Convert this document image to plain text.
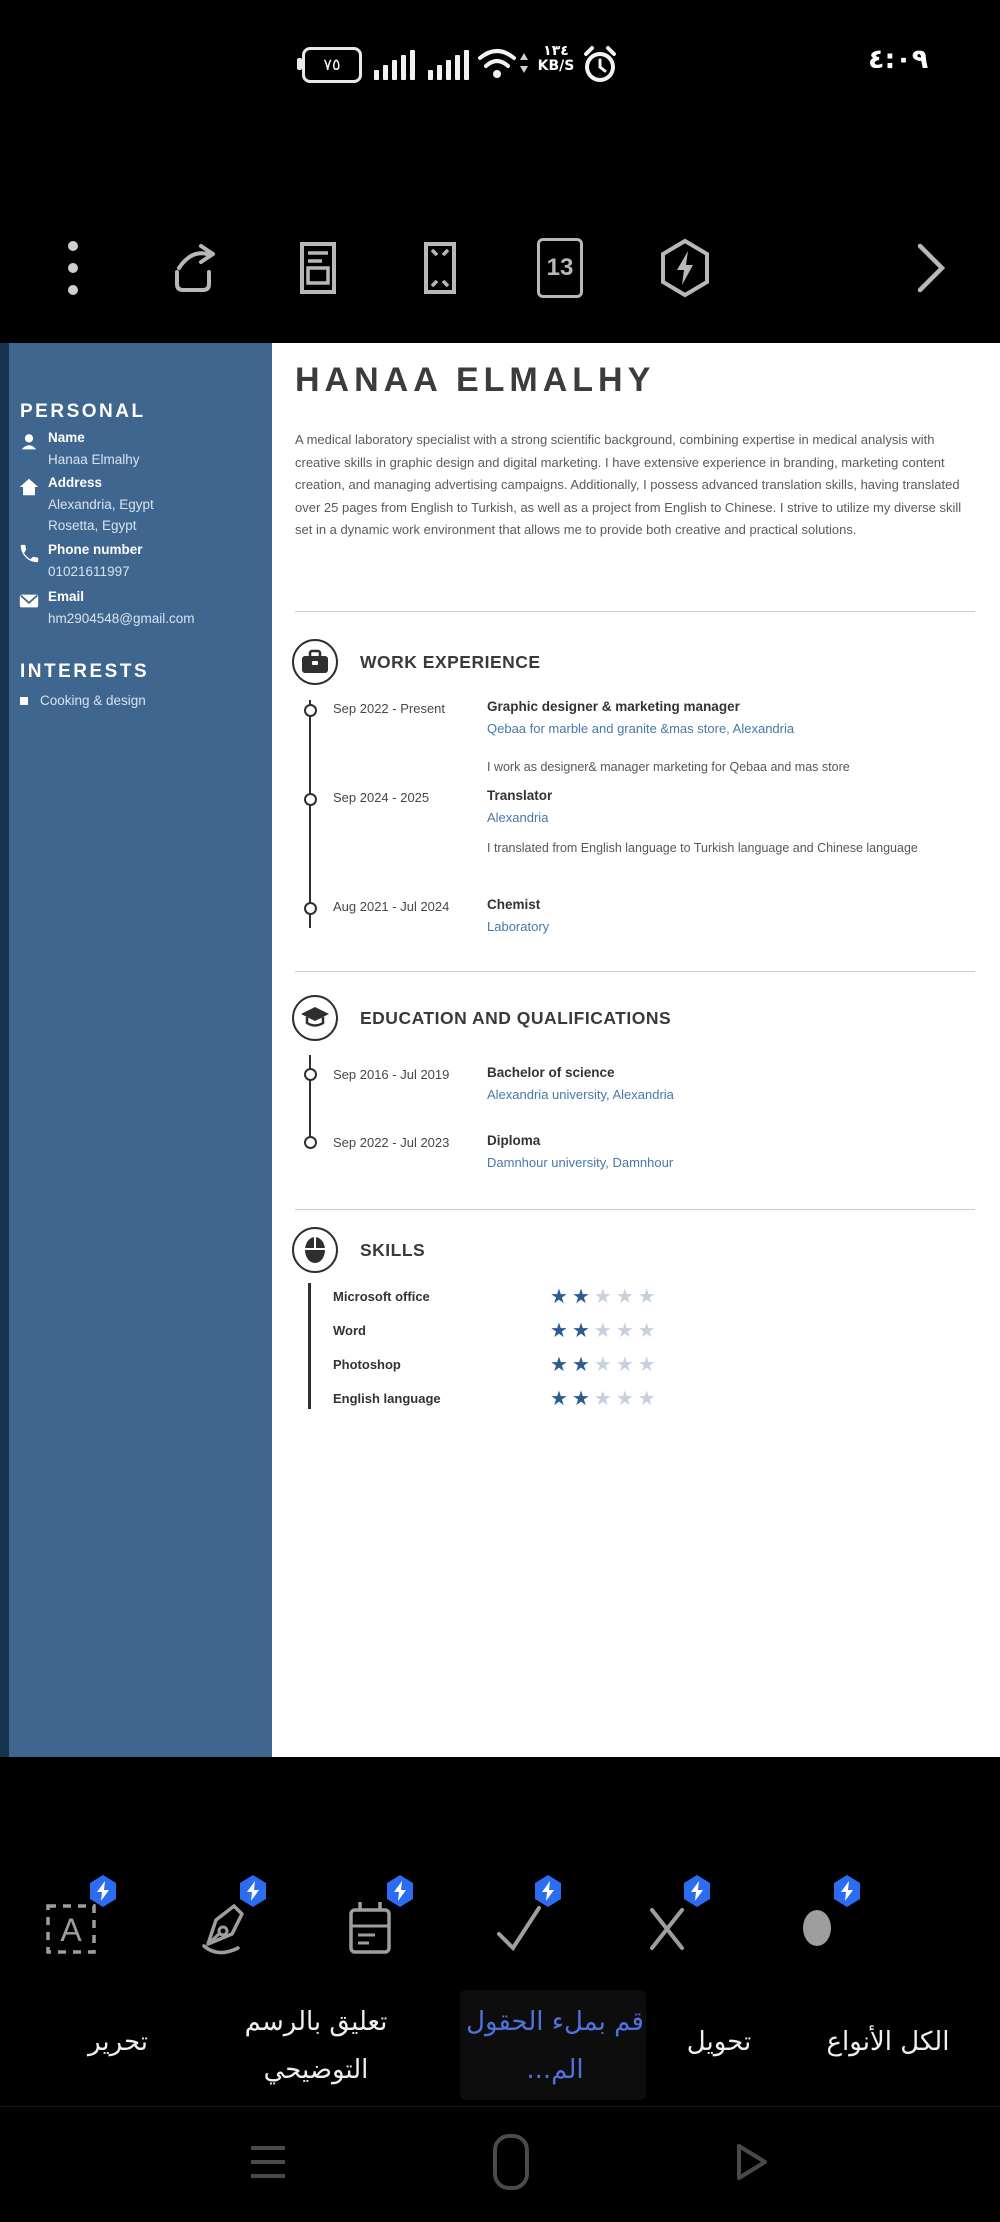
٧٥
١٣٤
KB/S	٤:٠٩
13
PERSONAL
Name
Hanaa Elmalhy
Address
Alexandria, Egypt
Rosetta, Egypt
Phone number
01021611997
Email
hm2904548@gmail.com
INTERESTS
Cooking & design
HANAA ELMALHY
A medical laboratory specialist with a strong scientific background, combining expertise in medical analysis with creative skills in graphic design and digital marketing. I have extensive experience in branding, marketing content creation, and managing advertising campaigns. Additionally, I possess advanced translation skills, having translated over 25 pages from English to Turkish, as well as a project from English to Chinese. I strive to utilize my diverse skill set in a dynamic work environment that allows me to provide both creative and practical solutions.
WORK EXPERIENCE
Sep 2022 - Present	Graphic designer & marketing manager
Qebaa for marble and granite &mas store, Alexandria
I work as designer& manager marketing for Qebaa and mas store
Sep 2024 - 2025	Translator
Alexandria
I translated from English language to Turkish language and Chinese language
Aug 2021 - Jul 2024	Chemist
Laboratory
EDUCATION AND QUALIFICATIONS
Sep 2016 - Jul 2019	Bachelor of science
Alexandria university, Alexandria
Sep 2022 - Jul 2023	Diploma
Damnhour university, Damnhour
SKILLS
Microsoft office	★★★★★
Word	★★★★★
Photoshop	★★★★★
English language	★★★★★
A
تحرير
تعليق بالرسم التوضيحي
قم بملء الحقول الم...
تحويل	الكل الأنواع
